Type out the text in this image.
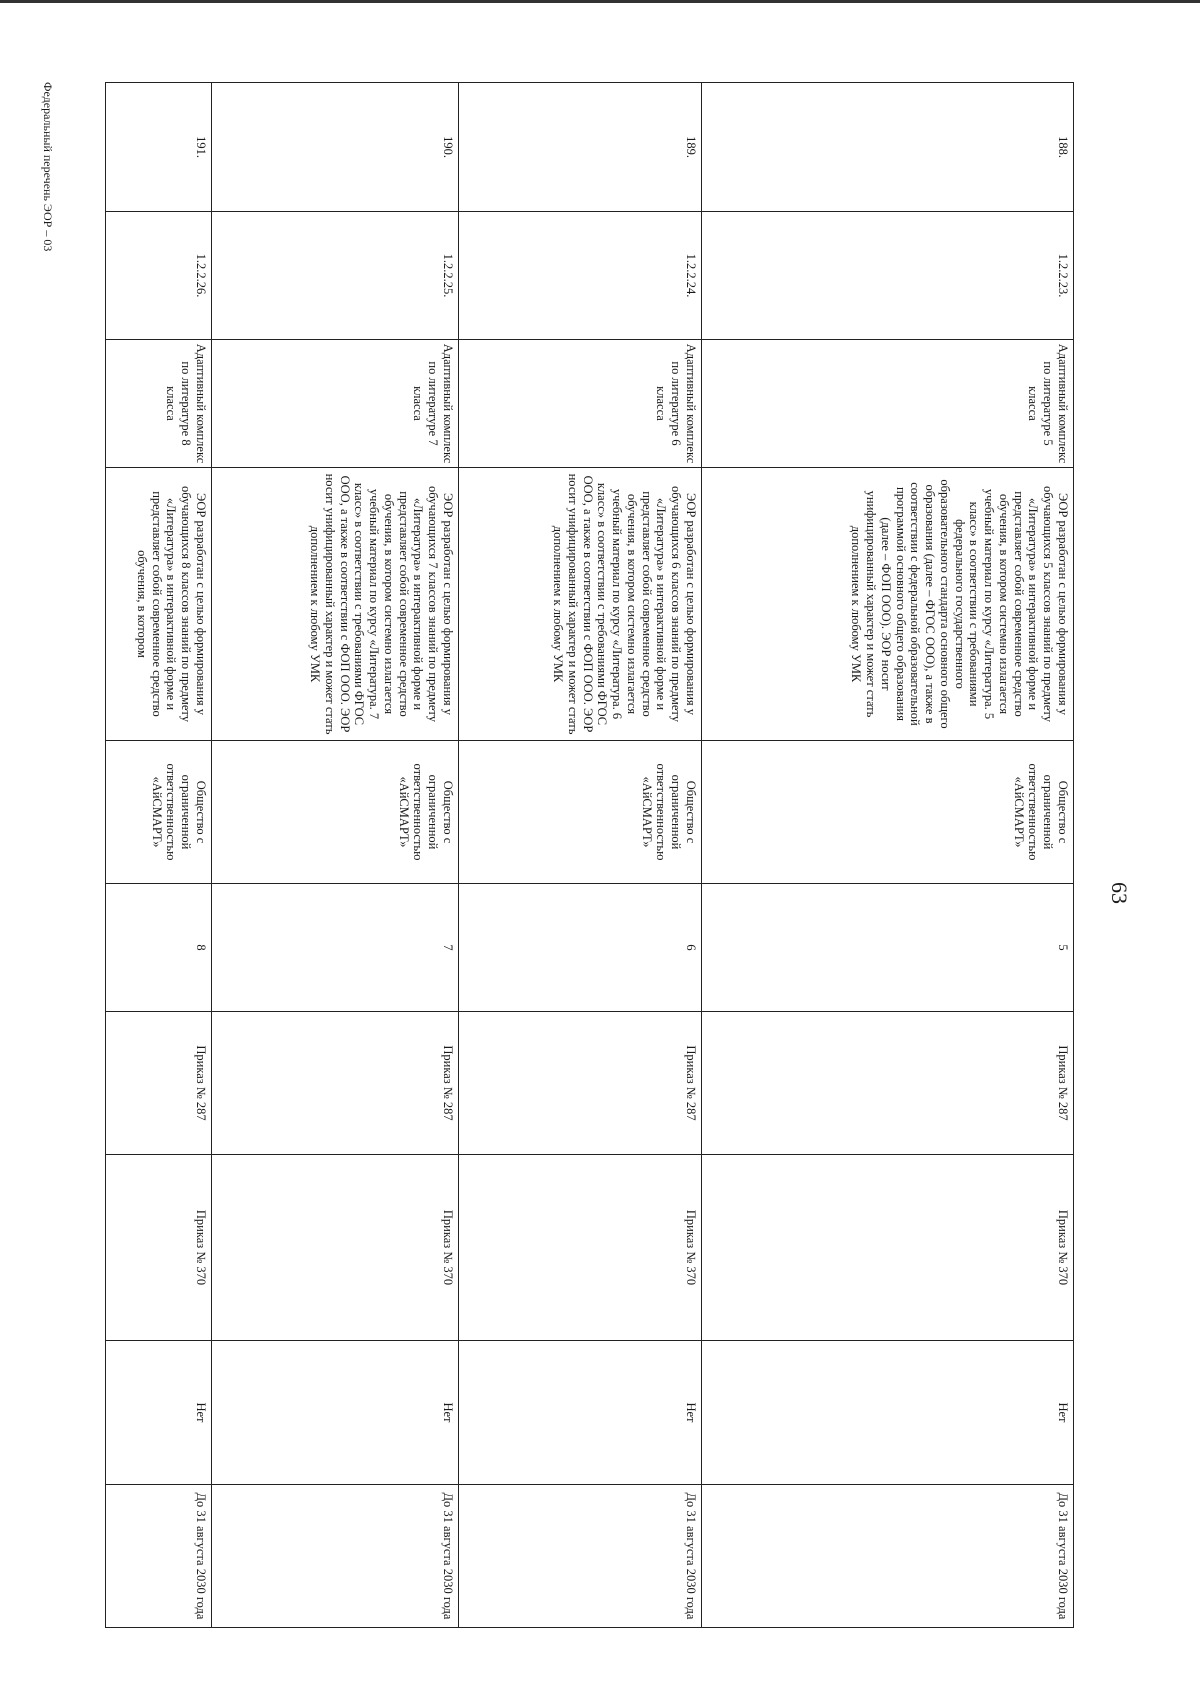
63
Федеральный перечень ЭОР – 03	188.	1.2.2.23.	Адаптивный комплекс по литературе 5 класса	ЭОР разработан с целью формирования у обучающихся 5 классов знаний по предмету «Литература» в интерактивной форме и представляет собой современное средство обучения, в котором системно излагается учебный материал по курсу «Литература. 5 класс» в соответствии с требованиями федерального государственного образовательного стандарта основного общего образования (далее – ФГОС ООО), а также в соответствии с федеральной образовательной программой основного общего образования (далее – ФОП ООО). ЭОР носит унифицированный характер и может стать дополнением к любому УМК	Общество с ограниченной ответственностью «АйСМАРТ»	5	Приказ № 287	Приказ № 370	Нет	До 31 августа 2030 года
189.	1.2.2.24.	Адаптивный комплекс по литературе 6 класса	ЭОР разработан с целью формирования у обучающихся 6 классов знаний по предмету «Литература» в интерактивной форме и представляет собой современное средство обучения, в котором системно излагается учебный материал по курсу «Литература. 6 класс» в соответствии с требованиями ФГОС ООО, а также в соответствии с ФОП ООО. ЭОР носит унифицированный характер и может стать дополнением к любому УМК	Общество с ограниченной ответственностью «АйСМАРТ»	6	Приказ № 287	Приказ № 370	Нет	До 31 августа 2030 года
190.	1.2.2.25.	Адаптивный комплекс по литературе 7 класса	ЭОР разработан с целью формирования у обучающихся 7 классов знаний по предмету «Литература» в интерактивной форме и представляет собой современное средство обучения, в котором системно излагается учебный материал по курсу «Литература. 7 класс» в соответствии с требованиями ФГОС ООО, а также в соответствии с ФОП ООО. ЭОР носит унифицированный характер и может стать дополнением к любому УМК	Общество с ограниченной ответственностью «АйСМАРТ»	7	Приказ № 287	Приказ № 370	Нет	До 31 августа 2030 года
191.	1.2.2.26.	Адаптивный комплекс по литературе 8 класса	ЭОР разработан с целью формирования у обучающихся 8 классов знаний по предмету «Литература» в интерактивной форме и представляет собой современное средство обучения, в котором	Общество с ограниченной ответственностью «АйСМАРТ»	8	Приказ № 287	Приказ № 370	Нет	До 31 августа 2030 года
